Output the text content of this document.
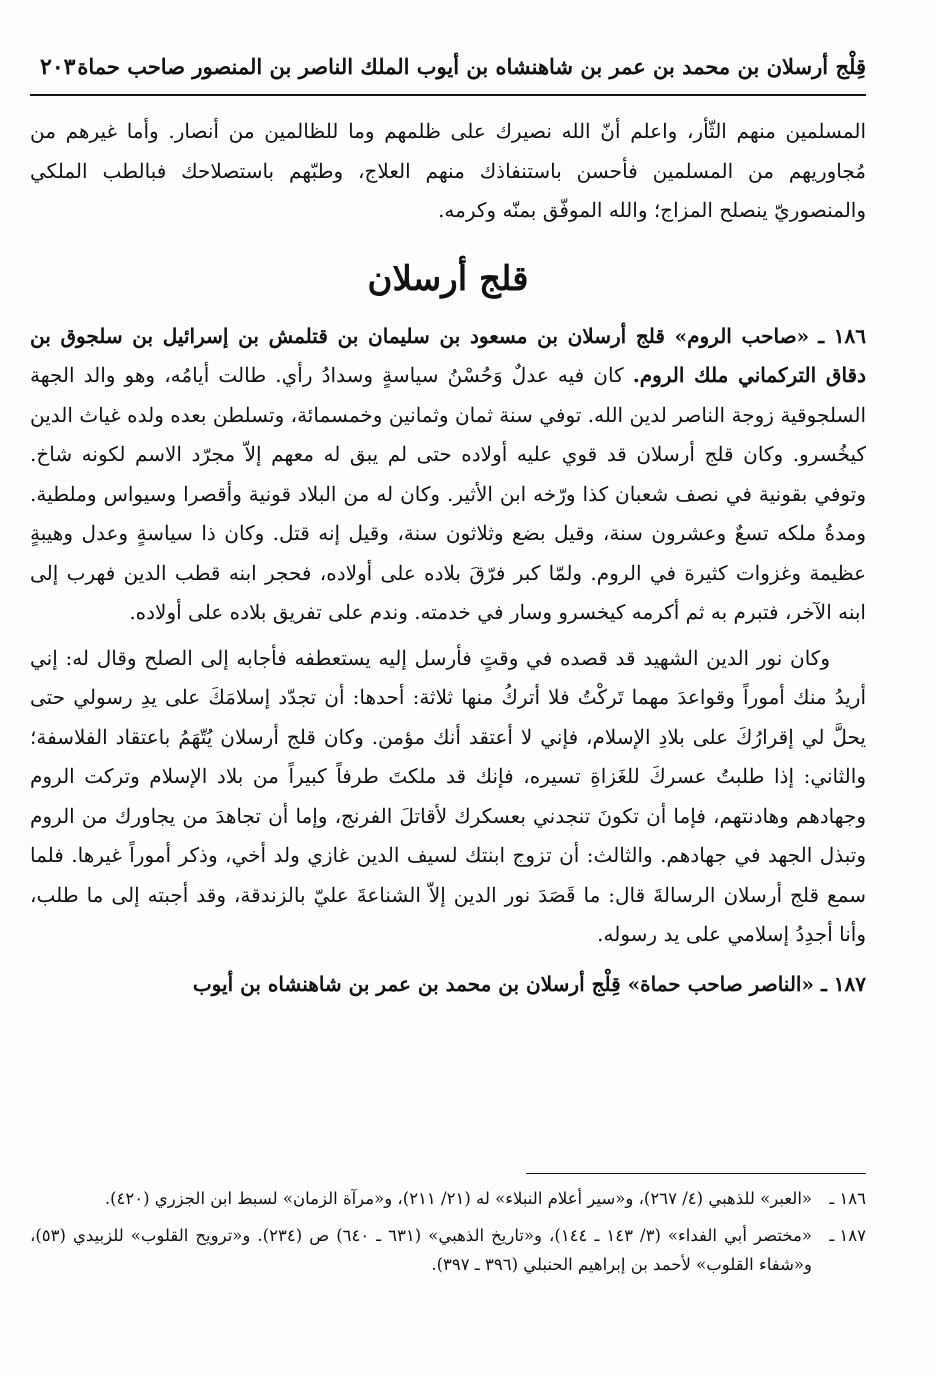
قِلْج أرسلان بن محمد بن عمر بن شاهنشاه بن أيوب الملك الناصر بن المنصور صاحب حماة
٢٠٣

المسلمين منهم الثّأر، واعلم أنّ الله نصيرك على ظلمهم وما للظالمين من أنصار. وأما غيرهم من مُجاوريهم من المسلمين فأحسن باستنفاذك منهم العلاج، وطبّهم باستصلاحك فبالطب الملكي والمنصوريّ ينصلح المزاج؛ والله الموفّق بمنّه وكرمه.

قلج أرسلان

١٨٦ ـ «صاحب الروم» قلج أرسلان بن مسعود بن سليمان بن قتلمش بن إسرائيل بن سلجوق بن دقاق التركماني ملك الروم. كان فيه عدلٌ وَحُسْنُ سياسةٍ وسدادُ رأي. طالت أيامُه، وهو والد الجهة السلجوقية زوجة الناصر لدين الله. توفي سنة ثمان وثمانين وخمسمائة، وتسلطن بعده ولده غياث الدين كيخُسرو. وكان قلج أرسلان قد قوي عليه أولاده حتى لم يبق له معهم إلاّ مجرّد الاسم لكونه شاخ. وتوفي بقونية في نصف شعبان كذا ورّخه ابن الأثير. وكان له من البلاد قونية وأقصرا وسيواس وملطية. ومدةُ ملكه تسعٌ وعشرون سنة، وقيل بضع وثلاثون سنة، وقيل إنه قتل. وكان ذا سياسةٍ وعدل وهيبةٍ عظيمة وغزوات كثيرة في الروم. ولمّا كبر فرّقَ بلاده على أولاده، فحجر ابنه قطب الدين فهرب إلى ابنه الآخر، فتبرم به ثم أكرمه كيخسرو وسار في خدمته. وندم على تفريق بلاده على أولاده.

وكان نور الدين الشهيد قد قصده في وقتٍ فأرسل إليه يستعطفه فأجابه إلى الصلح وقال له: إني أريدُ منك أموراً وقواعدَ مهما تَركْتُ فلا أتركُ منها ثلاثة: أحدها: أن تجدّد إسلامَكَ على يدِ رسولي حتى يحلَّ لي إقرارُكَ على بلادِ الإسلام، فإني لا أعتقد أنك مؤمن. وكان قلج أرسلان يُتّهَمُ باعتقاد الفلاسفة؛ والثاني: إذا طلبتُ عسركَ للغَزاةِ تسيره، فإنك قد ملكتَ طرفاً كبيراً من بلاد الإسلام وتركت الروم وجهادهم وهادنتهم، فإما أن تكونَ تنجدني بعسكرك لأقاتلَ الفرنج، وإما أن تجاهدَ من يجاورك من الروم وتبذل الجهد في جهادهم. والثالث: أن تزوج ابنتك لسيف الدين غازي ولد أخي، وذكر أموراً غيرها. فلما سمع قلج أرسلان الرسالةَ قال: ما قَصَدَ نور الدين إلاّ الشناعةَ عليّ بالزندقة، وقد أجبته إلى ما طلب، وأنا أجدِدُ إسلامي على يد رسوله.

١٨٧ ـ «الناصر صاحب حماة» قِلْج أرسلان بن محمد بن عمر بن شاهنشاه بن أيوب

١٨٦ ـ
«العبر» للذهبي (٤/ ٢٦٧)، و«سير أعلام النبلاء» له (٢١/ ٢١١)، و«مرآة الزمان» لسبط ابن الجزري (٤٢٠).

١٨٧ ـ
«مختصر أبي الفداء» (٣/ ١٤٣ ـ ١٤٤)، و«تاريخ الذهبي» (٦٣١ ـ ٦٤٠) ص (٢٣٤). و«ترويح القلوب» للزبيدي (٥٣)، و«شفاء القلوب» لأحمد بن إبراهيم الحنبلي (٣٩٦ ـ ٣٩٧).
